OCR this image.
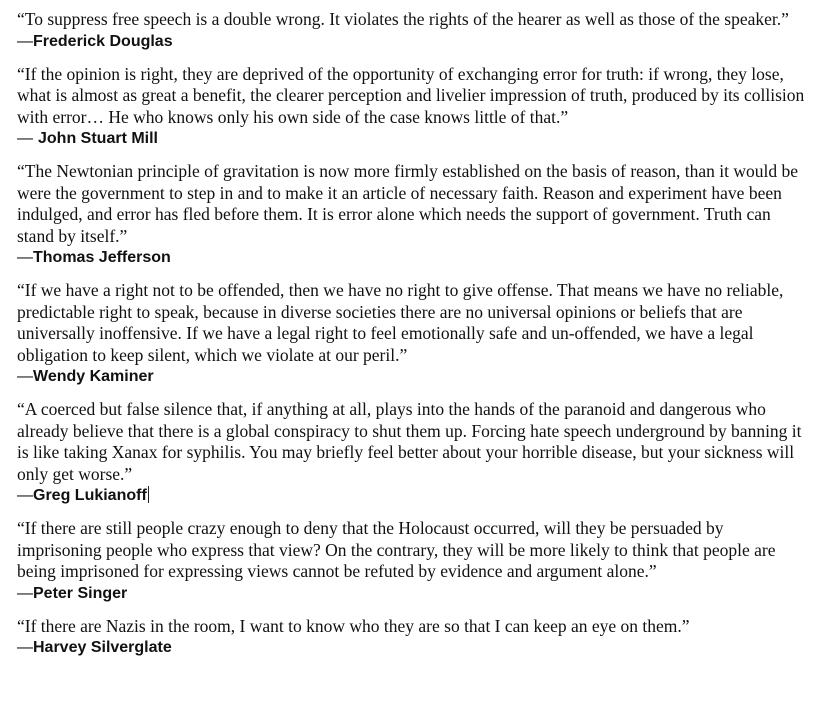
“To suppress free speech is a double wrong. It violates the rights of the hearer as well as those of the speaker.”

—Frederick Douglas

“If the opinion is right, they are deprived of the opportunity of exchanging error for truth: if wrong, they lose, what is almost as great a benefit, the clearer perception and livelier impression of truth, produced by its collision with error… He who knows only his own side of the case knows little of that.”

— John Stuart Mill

“The Newtonian principle of gravitation is now more firmly established on the basis of reason, than it would be were the government to step in and to make it an article of necessary faith. Reason and experiment have been indulged, and error has fled before them. It is error alone which needs the support of government. Truth can stand by itself.”

—Thomas Jefferson

“If we have a right not to be offended, then we have no right to give offense. That means we have no reliable, predictable right to speak, because in diverse societies there are no universal opinions or beliefs that are universally inoffensive. If we have a legal right to feel emotionally safe and un-offended, we have a legal obligation to keep silent, which we violate at our peril.”

—Wendy Kaminer

“A coerced but false silence that, if anything at all, plays into the hands of the paranoid and dangerous who already believe that there is a global conspiracy to shut them up. Forcing hate speech underground by banning it is like taking Xanax for syphilis. You may briefly feel better about your horrible disease, but your sickness will only get worse.”

—Greg Lukianoff

“If there are still people crazy enough to deny that the Holocaust occurred, will they be persuaded by imprisoning people who express that view? On the contrary, they will be more likely to think that people are being imprisoned for expressing views cannot be refuted by evidence and argument alone.”

—Peter Singer

“If there are Nazis in the room, I want to know who they are so that I can keep an eye on them.”

—Harvey Silverglate
